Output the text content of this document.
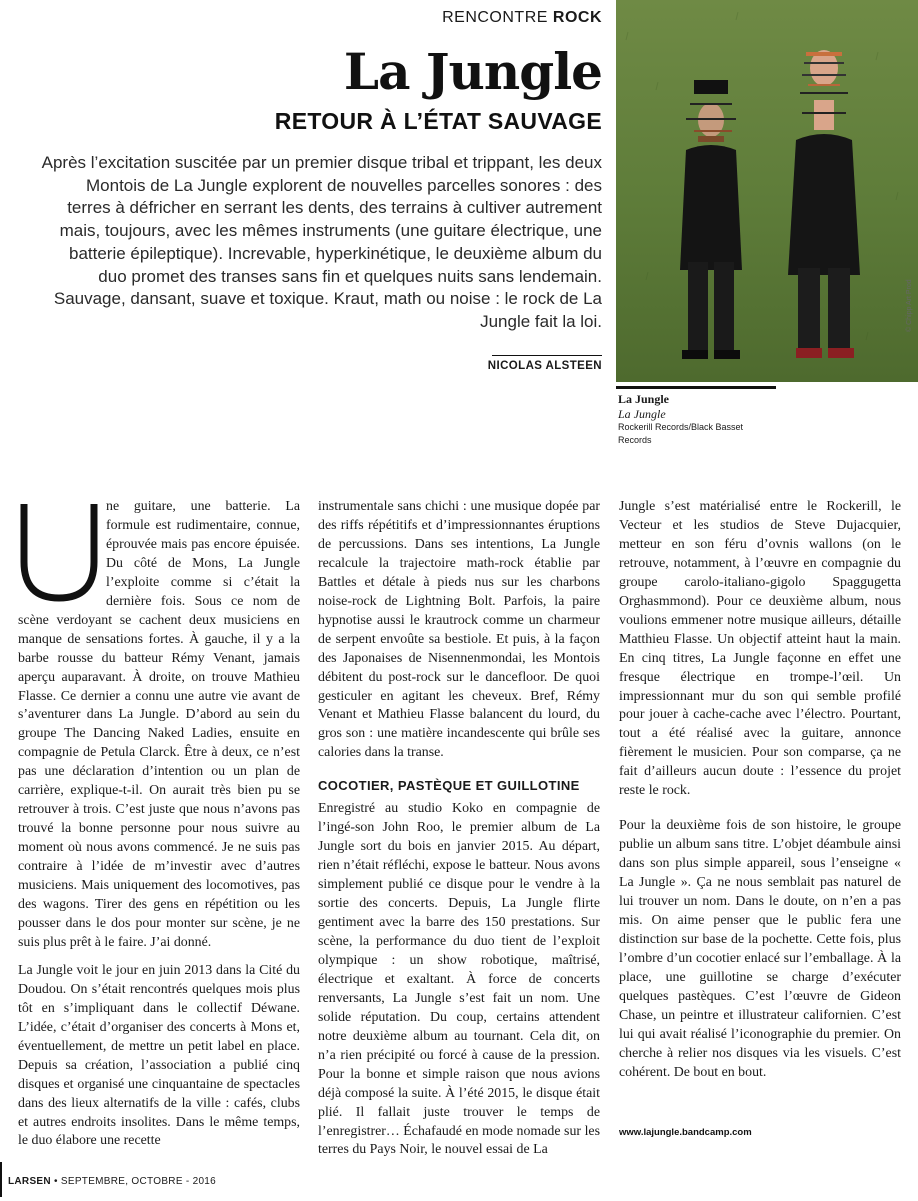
RENCONTRE ROCK
La Jungle
RETOUR À L’ÉTAT SAUVAGE

Après l’excitation suscitée par un premier disque tribal et trippant, les deux Montois de La Jungle explorent de nouvelles parcelles sonores : des terres à défricher en serrant les dents, des terrains à cultiver autrement mais, toujours, avec les mêmes instruments (une guitare électrique, une batterie épileptique). Increvable, hyperkinétique, le deuxième album du duo promet des transes sans fin et quelques nuits sans lendemain. Sauvage, dansant, suave et toxique. Kraut, math ou noise : le rock de La Jungle fait la loi.

NICOLAS ALSTEEN
© Chipp Art Prod
La Jungle
La Jungle
Rockerill Records/Black Basset Records
U	ne guitare, une batterie. La formule est rudimentaire, connue, éprouvée mais pas encore épuisée. Du côté de Mons, La Jungle l’exploite comme si c’était la dernière fois. Sous ce nom de scène verdoyant se cachent deux musiciens en manque de sensations fortes. À gauche, il y a la barbe rousse du batteur Rémy Venant, jamais aperçu auparavant. À droite, on trouve Mathieu Flasse. Ce dernier a connu une autre vie avant de s’aventurer dans La Jungle. D’abord au sein du groupe The Dancing Naked Ladies, ensuite en compagnie de Petula Clarck. Être à deux, ce n’est pas une déclaration d’intention ou un plan de carrière, explique-t-il. On aurait très bien pu se retrouver à trois. C’est juste que nous n’avons pas trouvé la bonne personne pour nous suivre au moment où nous avons commencé. Je ne suis pas contraire à l’idée de m’investir avec d’autres musiciens. Mais uniquement des locomotives, pas des wagons. Tirer des gens en répétition ou les pousser dans le dos pour monter sur scène, je ne suis plus prêt à le faire. J’ai donné.

La Jungle voit le jour en juin 2013 dans la Cité du Doudou. On s’était rencontrés quelques mois plus tôt en s’impliquant dans le collectif Déwane. L’idée, c’était d’organiser des concerts à Mons et, éventuellement, de mettre un petit label en place. Depuis sa création, l’association a publié cinq disques et organisé une cinquantaine de spectacles dans des lieux alternatifs de la ville : cafés, clubs et autres endroits insolites. Dans le même temps, le duo élabore une recette

instrumentale sans chichi : une musique dopée par des riffs répétitifs et d’impressionnantes éruptions de percussions. Dans ses intentions, La Jungle recalcule la trajectoire math-rock établie par Battles et détale à pieds nus sur les charbons noise-rock de Lightning Bolt. Parfois, la paire hypnotise aussi le krautrock comme un charmeur de serpent envoûte sa bestiole. Et puis, à la façon des Japonaises de Nisennenmondai, les Montois débitent du post-rock sur le dancefloor. De quoi gesticuler en agitant les cheveux. Bref, Rémy Venant et Mathieu Flasse balancent du lourd, du gros son : une matière incandescente qui brûle ses calories dans la transe.

COCOTIER, PASTÈQUE ET GUILLOTINE

Enregistré au studio Koko en compagnie de l’ingé-son John Roo, le premier album de La Jungle sort du bois en janvier 2015. Au départ, rien n’était réfléchi, expose le batteur. Nous avons simplement publié ce disque pour le vendre à la sortie des concerts. Depuis, La Jungle flirte gentiment avec la barre des 150 prestations. Sur scène, la performance du duo tient de l’exploit olympique : un show robotique, maîtrisé, électrique et exaltant. À force de concerts renversants, La Jungle s’est fait un nom. Une solide réputation. Du coup, certains attendent notre deuxième album au tournant. Cela dit, on n’a rien précipité ou forcé à cause de la pression. Pour la bonne et simple raison que nous avions déjà composé la suite. À l’été 2015, le disque était plié. Il fallait juste trouver le temps de l’enregistrer… Échafaudé en mode nomade sur les terres du Pays Noir, le nouvel essai de La

Jungle s’est matérialisé entre le Rockerill, le Vecteur et les studios de Steve Dujacquier, metteur en son féru d’ovnis wallons (on le retrouve, notamment, à l’œuvre en compagnie du groupe carolo-italiano-gigolo Spaggugetta Orghasmmond). Pour ce deuxième album, nous voulions emmener notre musique ailleurs, détaille Matthieu Flasse. Un objectif atteint haut la main. En cinq titres, La Jungle façonne en effet une fresque électrique en trompe-l’œil. Un impressionnant mur du son qui semble profilé pour jouer à cache-cache avec l’électro. Pourtant, tout a été réalisé avec la guitare, annonce fièrement le musicien. Pour son comparse, ça ne fait d’ailleurs aucun doute : l’essence du projet reste le rock.

Pour la deuxième fois de son histoire, le groupe publie un album sans titre. L’objet déambule ainsi dans son plus simple appareil, sous l’enseigne « La Jungle ». Ça ne nous semblait pas naturel de lui trouver un nom. Dans le doute, on n’en a pas mis. On aime penser que le public fera une distinction sur base de la pochette. Cette fois, plus l’ombre d’un cocotier enlacé sur l’emballage. À la place, une guillotine se charge d’exécuter quelques pastèques. C’est l’œuvre de Gideon Chase, un peintre et illustrateur californien. C’est lui qui avait réalisé l’iconographie du premier. On cherche à relier nos disques via les visuels. C’est cohérent. De bout en bout.

www.lajungle.bandcamp.com
LARSEN • SEPTEMBRE, OCTOBRE - 2016
